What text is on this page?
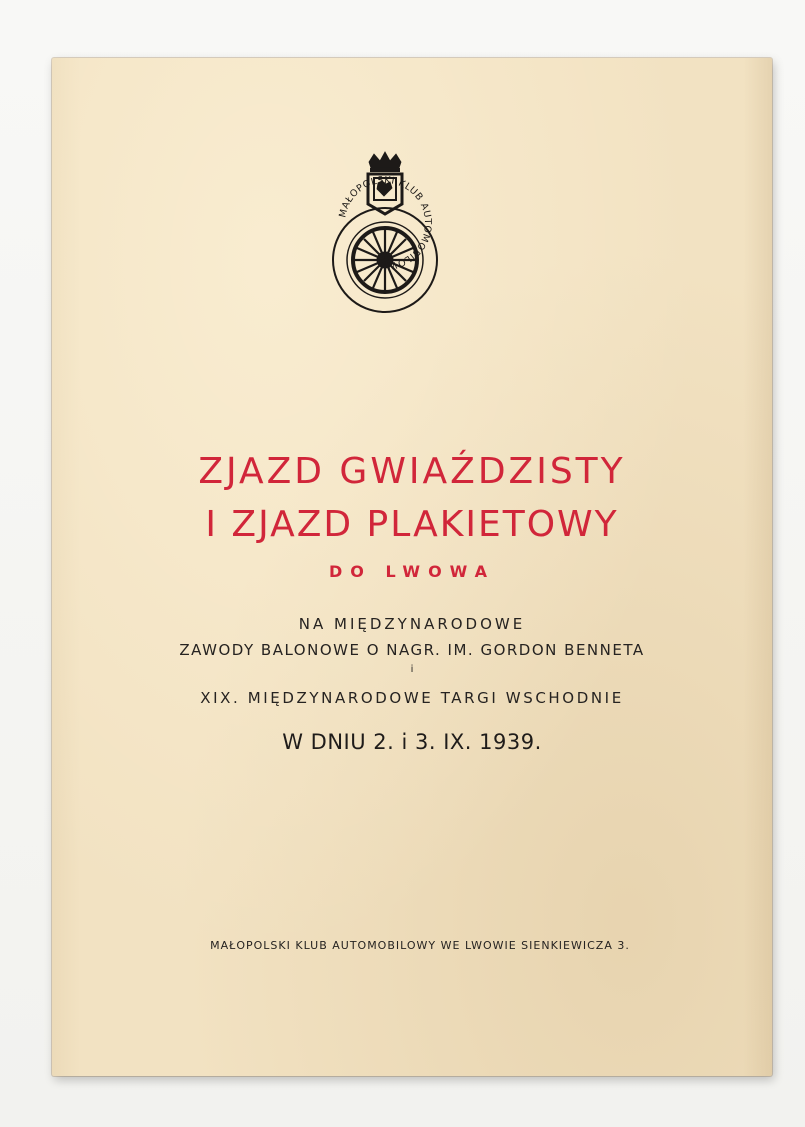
MAŁOPOLSKI KLUB AUTOMOBILOWY
ZJAZD GWIAŹDZISTY
I ZJAZD PLAKIETOWY
DO LWOWA
NA MIĘDZYNARODOWE
ZAWODY BALONOWE O NAGR. IM. GORDON BENNETA
i
XIX. MIĘDZYNARODOWE TARGI WSCHODNIE
W DNIU 2. i 3. IX. 1939.
MAŁOPOLSKI KLUB AUTOMOBILOWY WE LWOWIE SIENKIEWICZA 3.
